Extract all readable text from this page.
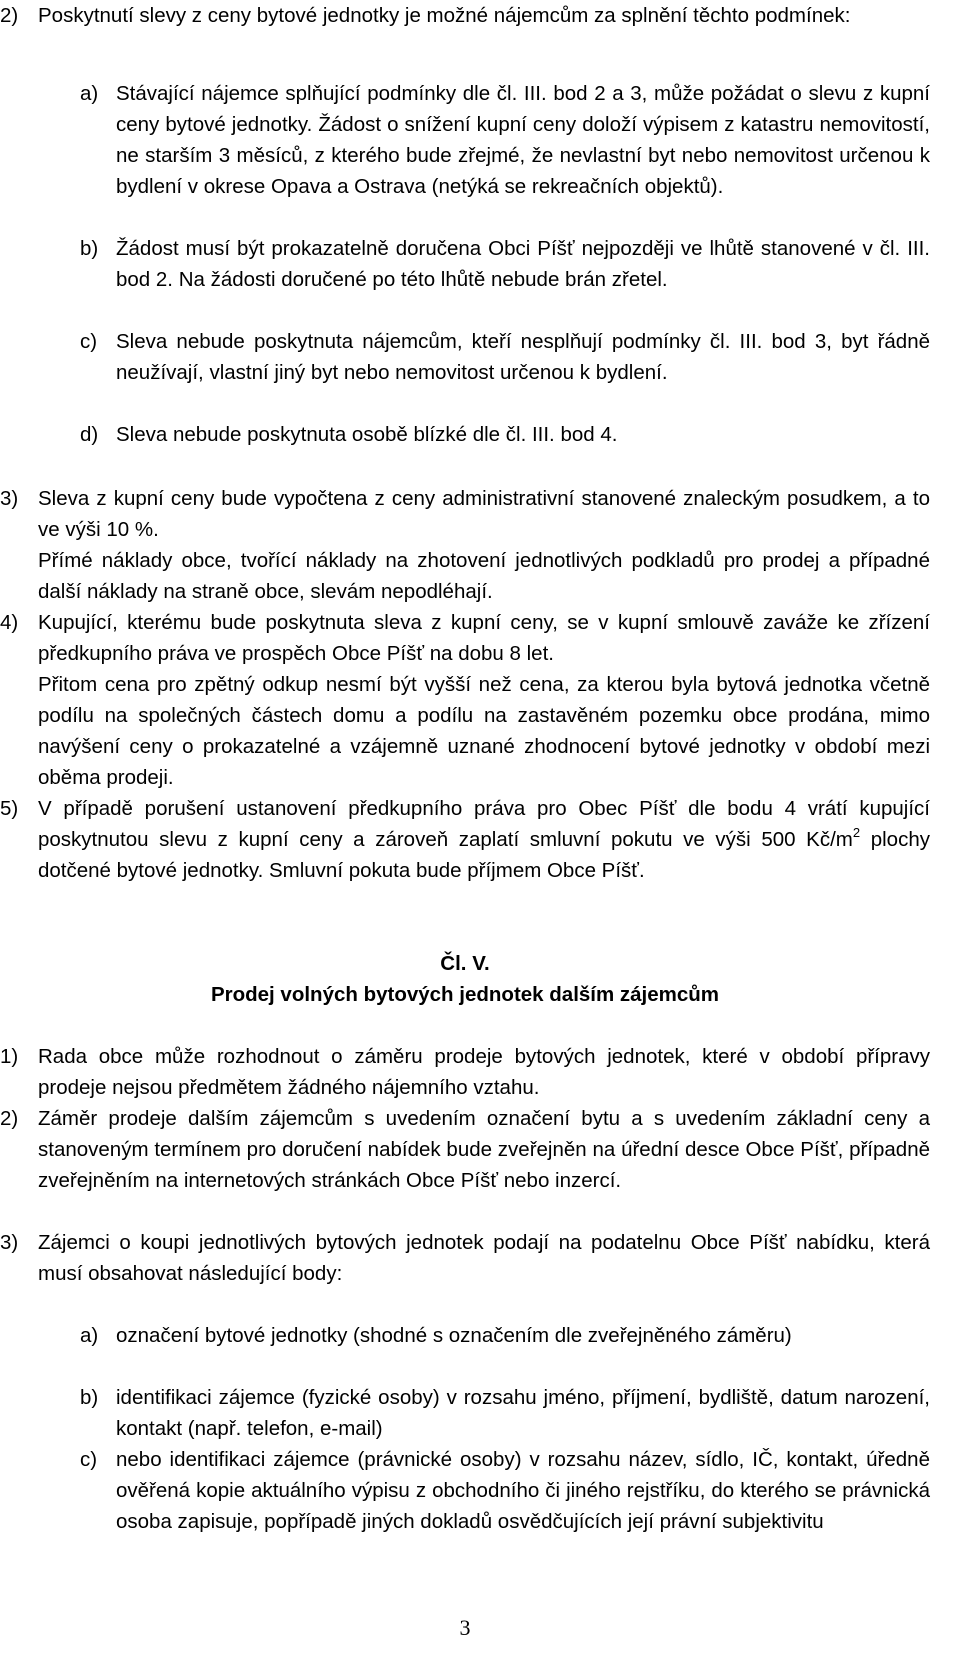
2) Poskytnutí slevy z ceny bytové jednotky je možné nájemcům za splnění těchto podmínek:
a) Stávající nájemce splňující podmínky dle čl. III. bod 2 a 3, může požádat o slevu z kupní ceny bytové jednotky. Žádost o snížení kupní ceny doloží výpisem z katastru nemovitostí, ne starším 3 měsíců, z kterého bude zřejmé, že nevlastní byt nebo nemovitost určenou k bydlení v okrese Opava a Ostrava (netýká se rekreačních objektů).
b) Žádost musí být prokazatelně doručena Obci Píšť nejpozději ve lhůtě stanovené v čl. III. bod 2. Na žádosti doručené po této lhůtě nebude brán zřetel.
c) Sleva nebude poskytnuta nájemcům, kteří nesplňují podmínky čl. III. bod 3, byt řádně neužívají, vlastní jiný byt nebo nemovitost určenou k bydlení.
d) Sleva nebude poskytnuta osobě blízké dle čl. III. bod 4.
3) Sleva z kupní ceny bude vypočtena z ceny administrativní stanovené znaleckým posudkem, a to ve výši 10 %.

Přímé náklady obce, tvořící náklady na zhotovení jednotlivých podkladů pro prodej a případné další náklady na straně obce, slevám nepodléhají.

4) Kupující, kterému bude poskytnuta sleva z kupní ceny, se v kupní smlouvě zaváže ke zřízení předkupního práva ve prospěch Obce Píšť na dobu 8 let.

Přitom cena pro zpětný odkup nesmí být vyšší než cena, za kterou byla bytová jednotka včetně podílu na společných částech domu a podílu na zastavěném pozemku obce prodána, mimo navýšení ceny o prokazatelné a vzájemně uznané zhodnocení bytové jednotky v období mezi oběma prodeji.

5) V případě porušení ustanovení předkupního práva pro Obec Píšť dle bodu 4 vrátí kupující poskytnutou slevu z kupní ceny a zároveň zaplatí smluvní pokutu ve výši 500 $Kč/m^2$ plochy dotčené bytové jednotky. Smluvní pokuta bude příjmem Obce Píšť.
Čl. V.
Prodej volných bytových jednotek dalším zájemcům
1) Rada obce může rozhodnout o záměru prodeje bytových jednotek, které v období přípravy prodeje nejsou předmětem žádného nájemního vztahu.
2) Záměr prodeje dalším zájemcům s uvedením označení bytu a s uvedením základní ceny a stanoveným termínem pro doručení nabídek bude zveřejněn na úřední desce Obce Píšť, případně zveřejněním na internetových stránkách Obce Píšť nebo inzercí.
3) Zájemci o koupi jednotlivých bytových jednotek podají na podatelnu Obce Píšť nabídku, která musí obsahovat následující body:
a) označení bytové jednotky (shodné s označením dle zveřejněného záměru)
b) identifikaci zájemce (fyzické osoby) v rozsahu jméno, příjmení, bydliště, datum narození, kontakt (např. telefon, e-mail)
c) nebo identifikaci zájemce (právnické osoby) v rozsahu název, sídlo, IČ, kontakt, úředně ověřená kopie aktuálního výpisu z obchodního či jiného rejstříku, do kterého se právnická osoba zapisuje, popřípadě jiných dokladů osvědčujících její právní subjektivitu
3
